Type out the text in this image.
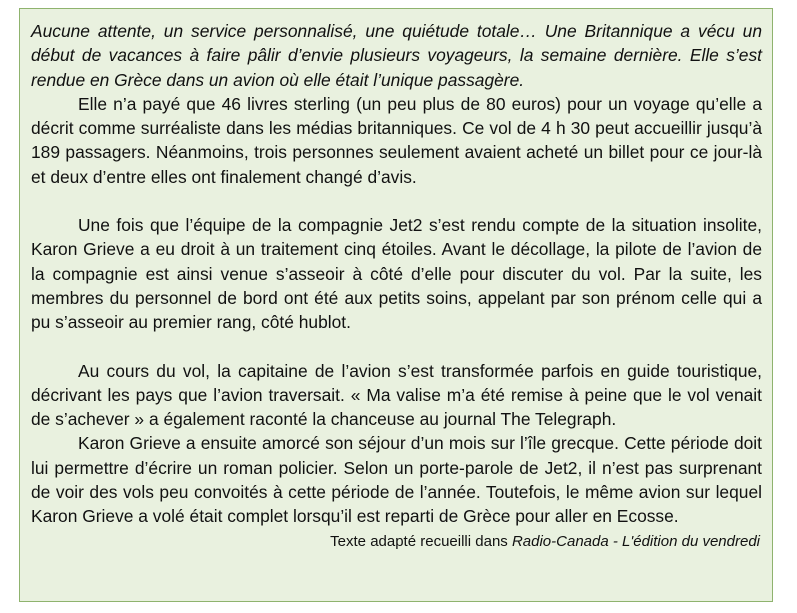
Aucune attente, un service personnalisé, une quiétude totale… Une Britannique a vécu un début de vacances à faire pâlir d’envie plusieurs voyageurs, la semaine dernière. Elle s’est rendue en Grèce dans un avion où elle était l’unique passagère.

Elle n’a payé que 46 livres sterling (un peu plus de 80 euros) pour un voyage qu’elle a décrit comme surréaliste dans les médias britanniques. Ce vol de 4 h 30 peut accueillir jusqu’à 189 passagers. Néanmoins, trois personnes seulement avaient acheté un billet pour ce jour-là et deux d’entre elles ont finalement changé d’avis.

Une fois que l’équipe de la compagnie Jet2 s’est rendu compte de la situation insolite, Karon Grieve a eu droit à un traitement cinq étoiles. Avant le décollage, la pilote de l’avion de la compagnie est ainsi venue s’asseoir à côté d’elle pour discuter du vol. Par la suite, les membres du personnel de bord ont été aux petits soins, appelant par son prénom celle qui a pu s’asseoir au premier rang, côté hublot.

Au cours du vol, la capitaine de l’avion s’est transformée parfois en guide touristique, décrivant les pays que l’avion traversait. « Ma valise m’a été remise à peine que le vol venait de s’achever » a également raconté la chanceuse au journal The Telegraph.

Karon Grieve a ensuite amorcé son séjour d’un mois sur l’île grecque. Cette période doit lui permettre d’écrire un roman policier. Selon un porte-parole de Jet2, il n’est pas surprenant de voir des vols peu convoités à cette période de l’année. Toutefois, le même avion sur lequel Karon Grieve a volé était complet lorsqu’il est reparti de Grèce pour aller en Ecosse.

Texte adapté recueilli dans Radio-Canada - L'édition du vendredi
